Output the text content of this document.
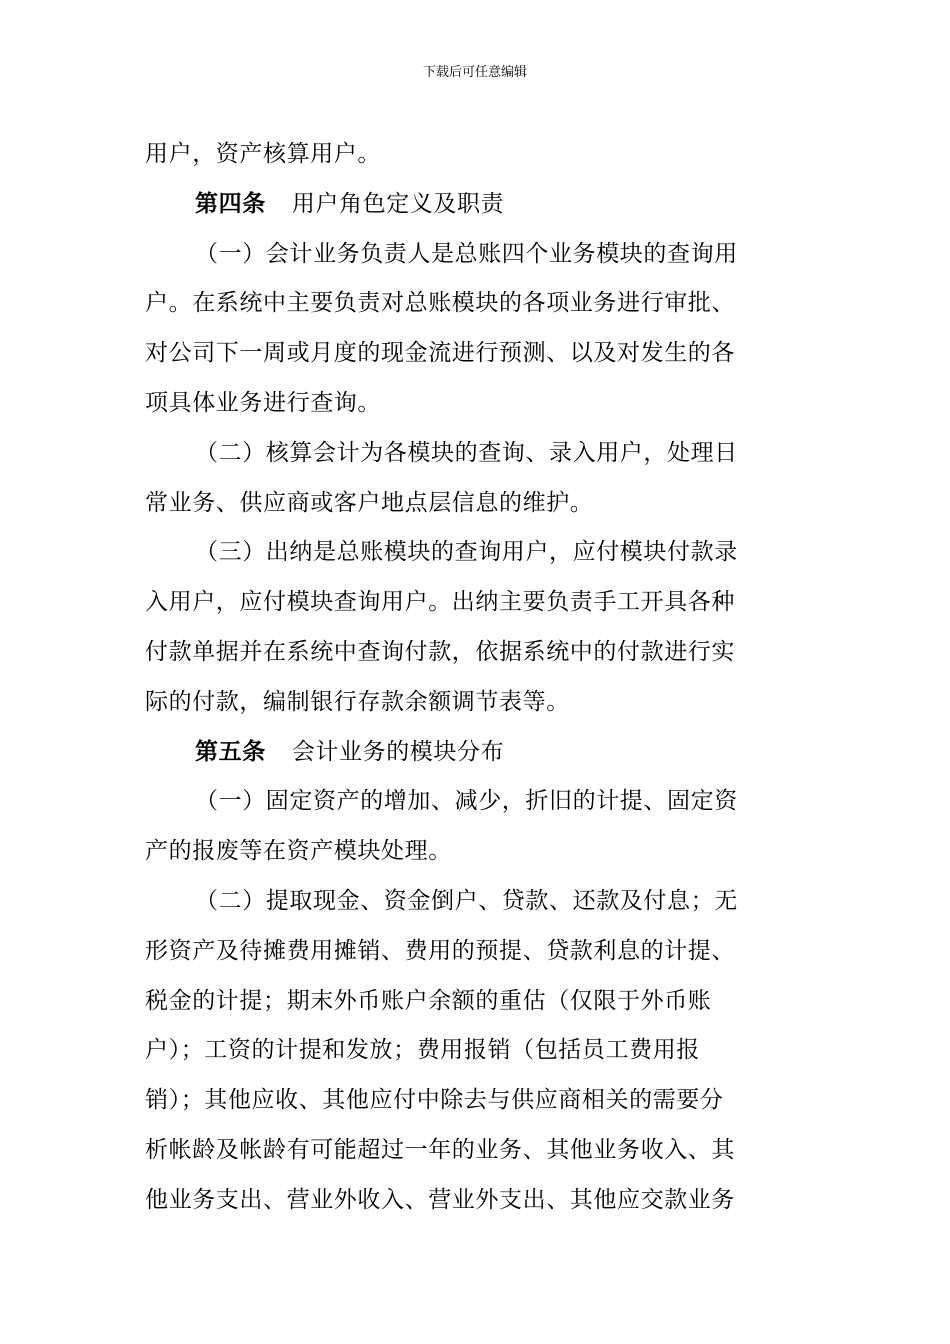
下载后可任意编辑
用户，资产核算用户。
第四条 用户角色定义及职责
（一）会计业务负责人是总账四个业务模块的查询用
户。在系统中主要负责对总账模块的各项业务进行审批、
对公司下一周或月度的现金流进行预测、以及对发生的各
项具体业务进行查询。
（二）核算会计为各模块的查询、录入用户，处理日
常业务、供应商或客户地点层信息的维护。
（三）出纳是总账模块的查询用户，应付模块付款录
入用户，应付模块查询用户。出纳主要负责手工开具各种
付款单据并在系统中查询付款，依据系统中的付款进行实
际的付款，编制银行存款余额调节表等。
第五条 会计业务的模块分布
（一）固定资产的增加、减少，折旧的计提、固定资
产的报废等在资产模块处理。
（二）提取现金、资金倒户、贷款、还款及付息；无
形资产及待摊费用摊销、费用的预提、贷款利息的计提、
税金的计提；期末外币账户余额的重估（仅限于外币账
户）；工资的计提和发放；费用报销（包括员工费用报
销）；其他应收、其他应付中除去与供应商相关的需要分
析帐龄及帐龄有可能超过一年的业务、其他业务收入、其
他业务支出、营业外收入、营业外支出、其他应交款业务
